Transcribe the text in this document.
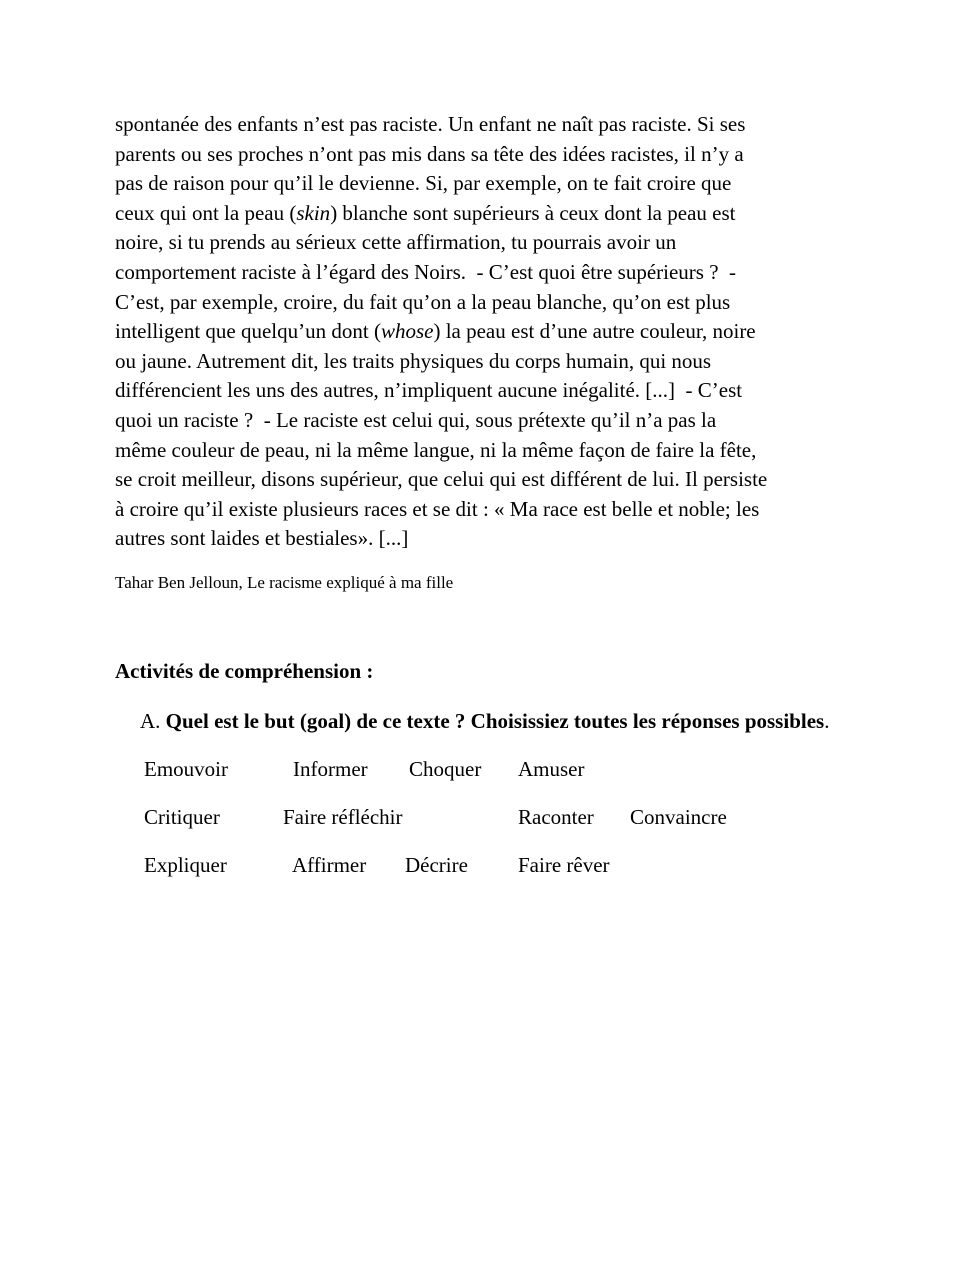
spontanée des enfants n’est pas raciste. Un enfant ne naît pas raciste. Si ses
parents ou ses proches n’ont pas mis dans sa tête des idées racistes, il n’y a
pas de raison pour qu’il le devienne. Si, par exemple, on te fait croire que
ceux qui ont la peau (skin) blanche sont supérieurs à ceux dont la peau est
noire, si tu prends au sérieux cette affirmation, tu pourrais avoir un
comportement raciste à l’égard des Noirs.  - C’est quoi être supérieurs ?  -
C’est, par exemple, croire, du fait qu’on a la peau blanche, qu’on est plus
intelligent que quelqu’un dont (whose) la peau est d’une autre couleur, noire
ou jaune. Autrement dit, les traits physiques du corps humain, qui nous
différencient les uns des autres, n’impliquent aucune inégalité. [...]  - C’est
quoi un raciste ?  - Le raciste est celui qui, sous prétexte qu’il n’a pas la
même couleur de peau, ni la même langue, ni la même façon de faire la fête,
se croit meilleur, disons supérieur, que celui qui est différent de lui. Il persiste
à croire qu’il existe plusieurs races et se dit : « Ma race est belle et noble; les
autres sont laides et bestiales». [...]
Tahar Ben Jelloun, Le racisme expliqué à ma fille
Activités de compréhension :
A. Quel est le but (goal) de ce texte ? Choisissiez toutes les réponses possibles.
Emouvoir	Informer Choquer Amuser
Critiquer	Faire réfléchir	Raconter Convaincre
Expliquer	Affirmer Décrire Faire rêver
